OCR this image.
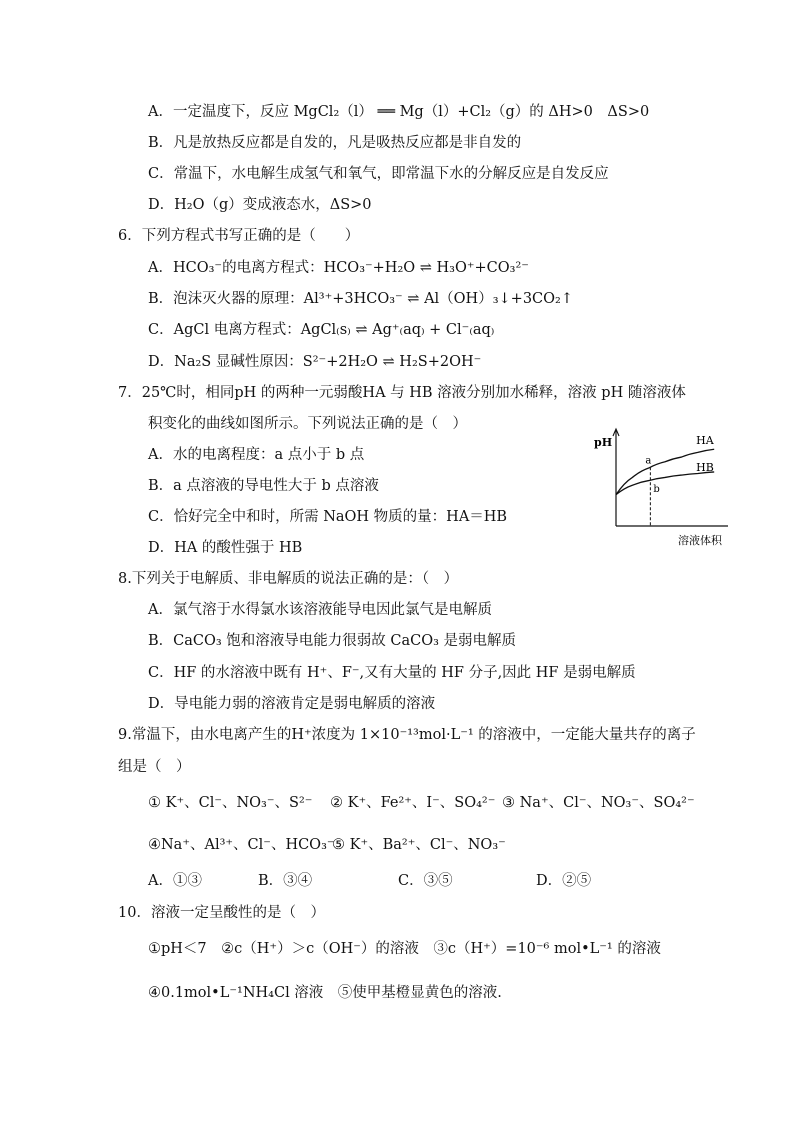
A．一定温度下，反应 MgCl₂（l） ══ Mg（l）+Cl₂（g）的 ΔH>0　ΔS>0
B．凡是放热反应都是自发的，凡是吸热反应都是非自发的
C．常温下，水电解生成氢气和氧气，即常温下水的分解反应是自发反应
D．H₂O（g）变成液态水，ΔS>0
6．下列方程式书写正确的是（　　）
A．HCO₃⁻的电离方程式：HCO₃⁻+H₂O ⇌ H₃O⁺+CO₃²⁻
B．泡沫灭火器的原理：Al³⁺+3HCO₃⁻ ⇌ Al（OH）₃↓+3CO₂↑
C．AgCl 电离方程式：AgCl₍s₎ ⇌ Ag⁺₍aq₎ + Cl⁻₍aq₎
D．Na₂S 显碱性原因：S²⁻+2H₂O ⇌ H₂S+2OH⁻
7．25℃时，相同pH 的两种一元弱酸HA 与 HB 溶液分别加水稀释，溶液 pH 随溶液体
积变化的曲线如图所示。下列说法正确的是（　）
A．水的电离程度：a 点小于 b 点
B．a 点溶液的导电性大于 b 点溶液
C．恰好完全中和时，所需 NaOH 物质的量：HA＝HB
D．HA 的酸性强于 HB
pH
溶液体积
HA
HB
a
b
8.下列关于电解质、非电解质的说法正确的是：（　）
A．氯气溶于水得氯水该溶液能导电因此氯气是电解质
B．CaCO₃ 饱和溶液导电能力很弱故 CaCO₃ 是弱电解质
C．HF 的水溶液中既有 H⁺、F⁻,又有大量的 HF 分子,因此 HF 是弱电解质
D．导电能力弱的溶液肯定是弱电解质的溶液
9.常温下，由水电离产生的H⁺浓度为 1×10⁻¹³mol·L⁻¹ 的溶液中，一定能大量共存的离子
组是（　）
① K⁺、Cl⁻、NO₃⁻、S²⁻ ② K⁺、Fe²⁺、I⁻、SO₄²⁻ ③ Na⁺、Cl⁻、NO₃⁻、SO₄²⁻
④Na⁺、Al³⁺、Cl⁻、HCO₃⁻
⑤ K⁺、Ba²⁺、Cl⁻、NO₃⁻
A．①③	B．③④	C．③⑤	D．②⑤
10．溶液一定呈酸性的是（　）
①pH＜7　②c（H⁺）＞c（OH⁻）的溶液　③c（H⁺）=10⁻⁶ mol•L⁻¹ 的溶液
④0.1mol•L⁻¹NH₄Cl 溶液　⑤使甲基橙显黄色的溶液.
